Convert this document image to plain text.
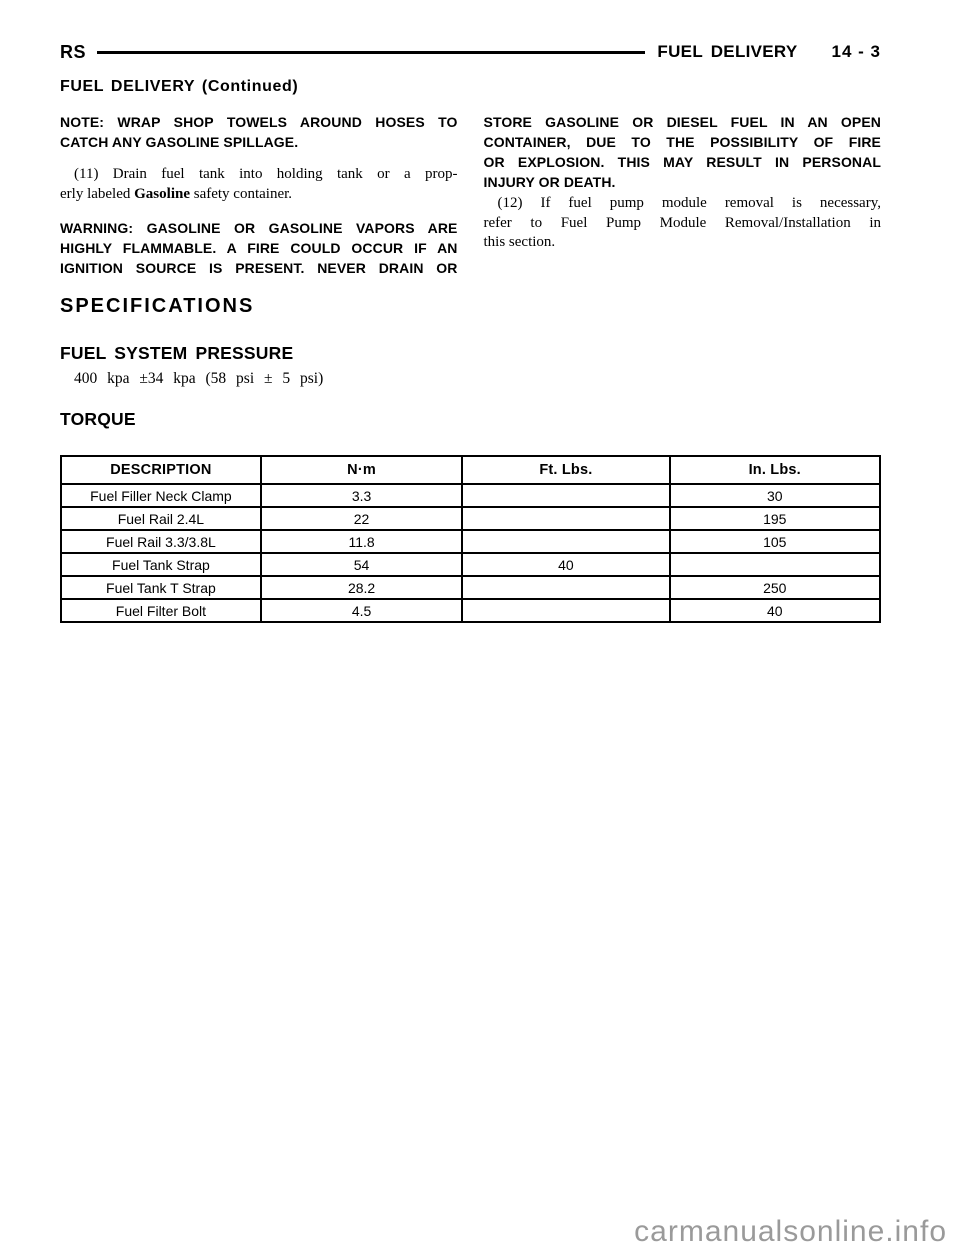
RS	FUEL DELIVERY 14 - 3
FUEL DELIVERY (Continued)

NOTE: WRAP SHOP TOWELS AROUND HOSES TO
CATCH ANY GASOLINE SPILLAGE.

(11) Drain fuel tank into holding tank or a prop-
erly labeled Gasoline safety container.

WARNING: GASOLINE OR GASOLINE VAPORS ARE
HIGHLY FLAMMABLE. A FIRE COULD OCCUR IF AN
IGNITION SOURCE IS PRESENT. NEVER DRAIN OR

STORE GASOLINE OR DIESEL FUEL IN AN OPEN
CONTAINER, DUE TO THE POSSIBILITY OF FIRE
OR EXPLOSION. THIS MAY RESULT IN PERSONAL
INJURY OR DEATH.

(12) If fuel pump module removal is necessary,
refer to Fuel Pump Module Removal/Installation in
this section.

SPECIFICATIONS
FUEL SYSTEM PRESSURE
400 kpa ±34 kpa (58 psi ± 5 psi)
TORQUE
DESCRIPTION	N·m	Ft. Lbs.	In. Lbs.
Fuel Filler Neck Clamp	3.3		30
Fuel Rail 2.4L	22		195
Fuel Rail 3.3/3.8L	11.8		105
Fuel Tank Strap	54	40	
Fuel Tank T Strap	28.2		250
Fuel Filter Bolt	4.5		40
carmanualsonline.info
